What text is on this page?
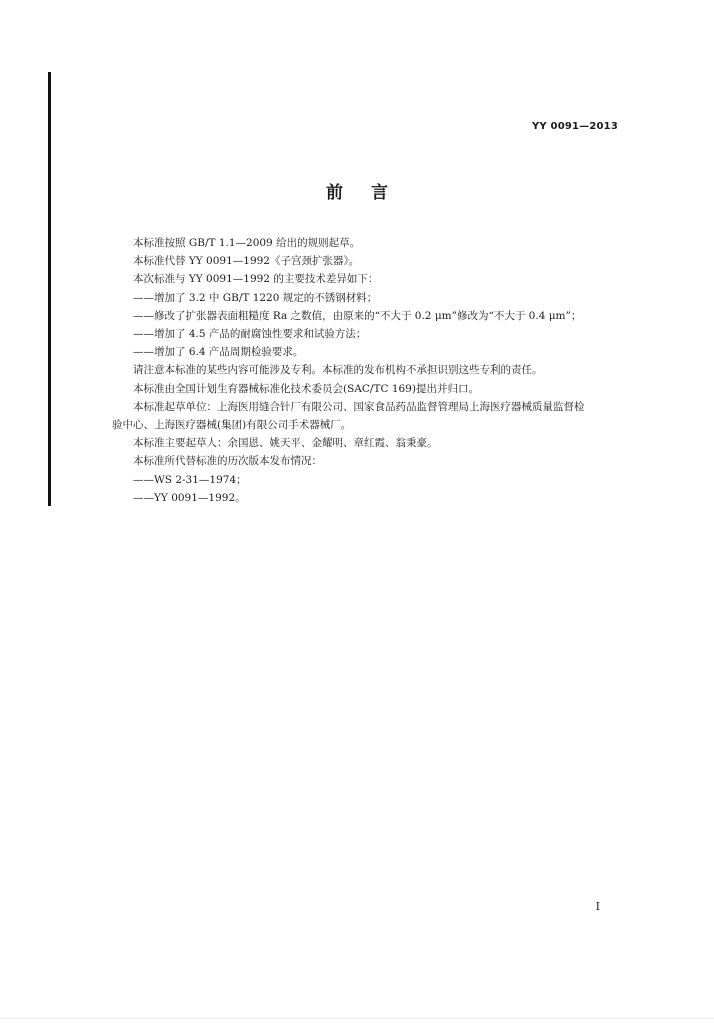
YY 0091—2013
前言
本标准按照 GB/T 1.1—2009 给出的规则起草。
本标准代替 YY 0091—1992《子宫颈扩张器》。
本次标准与 YY 0091—1992 的主要技术差异如下：
——增加了 3.2 中 GB/T 1220 规定的不锈钢材料；
——修改了扩张器表面粗糙度 Ra 之数值，由原来的“不大于 0.2 μm”修改为“不大于 0.4 μm”；
——增加了 4.5 产品的耐腐蚀性要求和试验方法；
——增加了 6.4 产品周期检验要求。
请注意本标准的某些内容可能涉及专利。本标准的发布机构不承担识别这些专利的责任。
本标准由全国计划生育器械标准化技术委员会(SAC/TC 169)提出并归口。
本标准起草单位：上海医用缝合针厂有限公司、国家食品药品监督管理局上海医疗器械质量监督检
验中心、上海医疗器械(集团)有限公司手术器械厂。
本标准主要起草人：余国恩、姚天平、金耀明、章红霞、翁秉豪。
本标准所代替标准的历次版本发布情况：
——WS 2-31—1974；
——YY 0091—1992。
I
